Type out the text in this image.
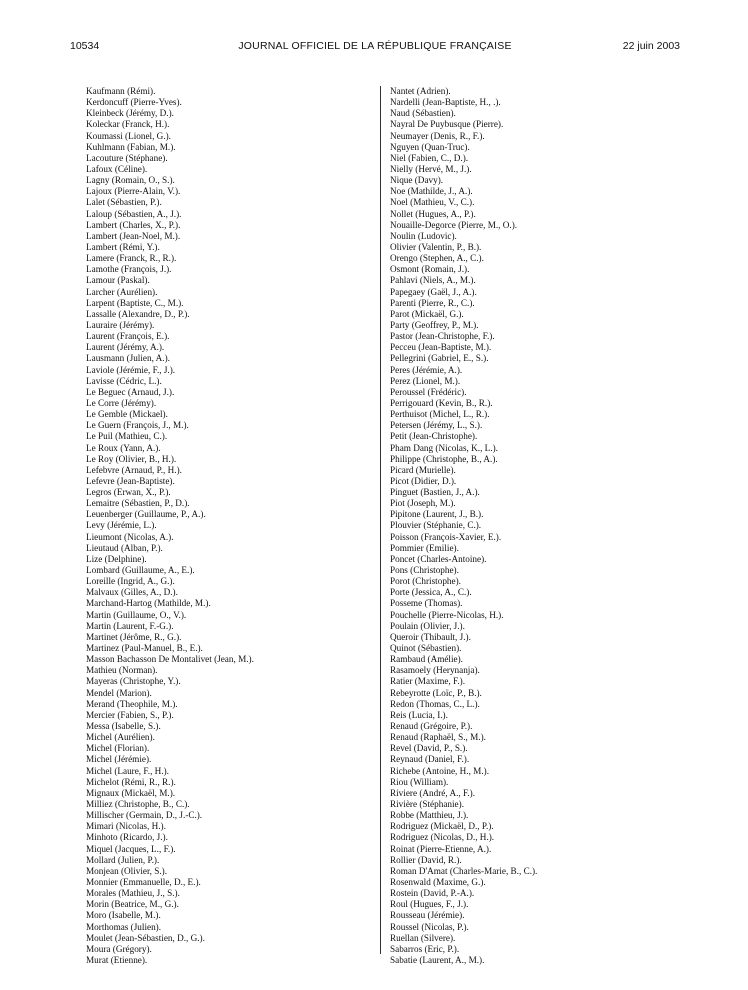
10534	JOURNAL OFFICIEL DE LA RÉPUBLIQUE FRANÇAISE	22 juin 2003
Kaufmann (Rémi).
Kerdoncuff (Pierre-Yves).
Kleinbeck (Jérémy, D.).
Koleckar (Franck, H.).
Koumassi (Lionel, G.).
Kuhlmann (Fabian, M.).
Lacouture (Stéphane).
Lafoux (Céline).
Lagny (Romain, O., S.).
Lajoux (Pierre-Alain, V.).
Lalet (Sébastien, P.).
Laloup (Sébastien, A., J.).
Lambert (Charles, X., P.).
Lambert (Jean-Noel, M.).
Lambert (Rémi, Y.).
Lamere (Franck, R., R.).
Lamothe (François, J.).
Lamour (Paskal).
Larcher (Aurélien).
Larpent (Baptiste, C., M.).
Lassalle (Alexandre, D., P.).
Lauraire (Jérémy).
Laurent (François, E.).
Laurent (Jérémy, A.).
Lausmann (Julien, A.).
Laviole (Jérémie, F., J.).
Lavisse (Cédric, L.).
Le Beguec (Arnaud, J.).
Le Corre (Jérémy).
Le Gemble (Mickael).
Le Guern (François, J., M.).
Le Puil (Mathieu, C.).
Le Roux (Yann, A.).
Le Roy (Olivier, B., H.).
Lefebvre (Arnaud, P., H.).
Lefevre (Jean-Baptiste).
Legros (Erwan, X., P.).
Lemaitre (Sébastien, P., D.).
Leuenberger (Guillaume, P., A.).
Levy (Jérémie, L.).
Lieumont (Nicolas, A.).
Lieutaud (Alban, P.).
Lize (Delphine).
Lombard (Guillaume, A., E.).
Loreille (Ingrid, A., G.).
Malvaux (Gilles, A., D.).
Marchand-Hartog (Mathilde, M.).
Martin (Guillaume, O., V.).
Martin (Laurent, F.-G.).
Martinet (Jérôme, R., G.).
Martinez (Paul-Manuel, B., E.).
Masson Bachasson De Montalivet (Jean, M.).
Mathieu (Norman).
Mayeras (Christophe, Y.).
Mendel (Marion).
Merand (Theophile, M.).
Mercier (Fabien, S., P.).
Messa (Isabelle, S.).
Michel (Aurélien).
Michel (Florian).
Michel (Jérémie).
Michel (Laure, F., H.).
Michelot (Rémi, R., R.).
Mignaux (Mickaël, M.).
Milliez (Christophe, B., C.).
Millischer (Germain, D., J.-C.).
Mimari (Nicolas, H.).
Minhoto (Ricardo, J.).
Miquel (Jacques, L., F.).
Mollard (Julien, P.).
Monjean (Olivier, S.).
Monnier (Emmanuelle, D., E.).
Morales (Mathieu, J., S.).
Morin (Beatrice, M., G.).
Moro (Isabelle, M.).
Morthomas (Julien).
Moulet (Jean-Sébastien, D., G.).
Moura (Grégory).
Murat (Etienne).
Nantet (Adrien).
Nardelli (Jean-Baptiste, H., .).
Naud (Sébastien).
Nayral De Puybusque (Pierre).
Neumayer (Denis, R., F.).
Nguyen (Quan-Truc).
Niel (Fabien, C., D.).
Nielly (Hervé, M., J.).
Nique (Davy).
Noe (Mathilde, J., A.).
Noel (Mathieu, V., C.).
Nollet (Hugues, A., P.).
Nouaille-Degorce (Pierre, M., O.).
Noulin (Ludovic).
Olivier (Valentin, P., B.).
Orengo (Stephen, A., C.).
Osmont (Romain, J.).
Pahlavi (Niels, A., M.).
Papegaey (Gaël, J., A.).
Parenti (Pierre, R., C.).
Parot (Mickaël, G.).
Party (Geoffrey, P., M.).
Pastor (Jean-Christophe, F.).
Pecceu (Jean-Baptiste, M.).
Pellegrini (Gabriel, E., S.).
Peres (Jérémie, A.).
Perez (Lionel, M.).
Peroussel (Frédéric).
Perrigouard (Kevin, B., R.).
Perthuisot (Michel, L., R.).
Petersen (Jérémy, L., S.).
Petit (Jean-Christophe).
Pham Dang (Nicolas, K., L.).
Philippe (Christophe, B., A.).
Picard (Murielle).
Picot (Didier, D.).
Pinguet (Bastien, J., A.).
Piot (Joseph, M.).
Pipitone (Laurent, J., B.).
Plouvier (Stéphanie, C.).
Poisson (François-Xavier, E.).
Pommier (Emilie).
Poncet (Charles-Antoine).
Pons (Christophe).
Porot (Christophe).
Porte (Jessica, A., C.).
Posseme (Thomas).
Pouchelle (Pierre-Nicolas, H.).
Poulain (Olivier, J.).
Queroir (Thibault, J.).
Quinot (Sébastien).
Rambaud (Amélie).
Rasamoely (Herynanja).
Ratier (Maxime, F.).
Rebeyrotte (Loïc, P., B.).
Redon (Thomas, C., L.).
Reis (Lucia, I.).
Renaud (Grégoire, P.).
Renaud (Raphaël, S., M.).
Revel (David, P., S.).
Reynaud (Daniel, F.).
Richebe (Antoine, H., M.).
Riou (William).
Riviere (André, A., F.).
Rivière (Stéphanie).
Robbe (Matthieu, J.).
Rodriguez (Mickaël, D., P.).
Rodriguez (Nicolas, D., H.).
Roinat (Pierre-Etienne, A.).
Rollier (David, R.).
Roman D'Amat (Charles-Marie, B., C.).
Rosenwald (Maxime, G.).
Rostein (David, P.-A.).
Roul (Hugues, F., J.).
Rousseau (Jérémie).
Roussel (Nicolas, P.).
Ruellan (Silvere).
Sabarros (Eric, P.).
Sabatie (Laurent, A., M.).
